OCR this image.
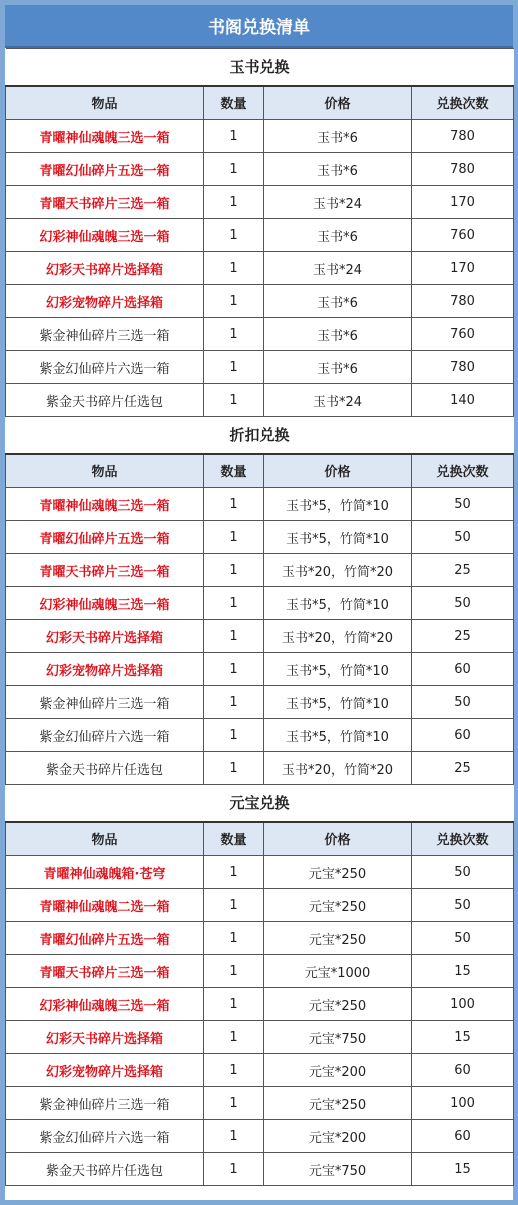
书阁兑换清单
玉书兑换			
物品	数量	价格	兑换次数
青曜神仙魂魄三选一箱	1	玉书*6	780
青曜幻仙碎片五选一箱	1	玉书*6	780
青曜天书碎片三选一箱	1	玉书*24	170
幻彩神仙魂魄三选一箱	1	玉书*6	760
幻彩天书碎片选择箱	1	玉书*24	170
幻彩宠物碎片选择箱	1	玉书*6	780
紫金神仙碎片三选一箱	1	玉书*6	760
紫金幻仙碎片六选一箱	1	玉书*6	780
紫金天书碎片任选包	1	玉书*24	140
折扣兑换			
物品	数量	价格	兑换次数
青曜神仙魂魄三选一箱	1	玉书*5，竹简*10	50
青曜幻仙碎片五选一箱	1	玉书*5，竹简*10	50
青曜天书碎片三选一箱	1	玉书*20，竹简*20	25
幻彩神仙魂魄三选一箱	1	玉书*5，竹简*10	50
幻彩天书碎片选择箱	1	玉书*20，竹简*20	25
幻彩宠物碎片选择箱	1	玉书*5，竹简*10	60
紫金神仙碎片三选一箱	1	玉书*5，竹简*10	50
紫金幻仙碎片六选一箱	1	玉书*5，竹简*10	60
紫金天书碎片任选包	1	玉书*20，竹简*20	25
元宝兑换			
物品	数量	价格	兑换次数
青曜神仙魂魄箱·苍穹	1	元宝*250	50
青曜神仙魂魄二选一箱	1	元宝*250	50
青曜幻仙碎片五选一箱	1	元宝*250	50
青曜天书碎片三选一箱	1	元宝*1000	15
幻彩神仙魂魄三选一箱	1	元宝*250	100
幻彩天书碎片选择箱	1	元宝*750	15
幻彩宠物碎片选择箱	1	元宝*200	60
紫金神仙碎片三选一箱	1	元宝*250	100
紫金幻仙碎片六选一箱	1	元宝*200	60
紫金天书碎片任选包	1	元宝*750	15
